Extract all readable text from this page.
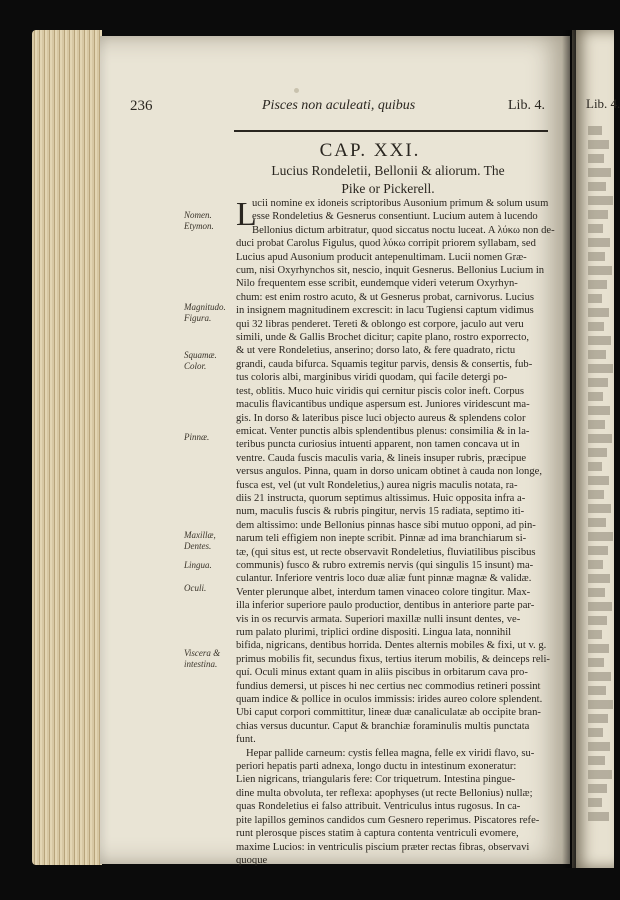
Lib. 4.
236	Pisces non aculeati, quibus	Lib. 4.
CAP. XXI.
Lucius Rondeletii, Bellonii & aliorum. The
Pike or Pickerell.
L
Nomen. Etymon.
Magnitudo. Figura.
Squamæ. Color.
Pinnæ.
Maxillæ, Dentes.
Lingua.
Oculi.
Viscera & intestina.
ucii nomine ex idoneis scriptoribus Ausonium primum & solum usum
esse Rondeletius & Gesnerus consentiunt. Lucium autem à lucendo
Bellonius dictum arbitratur, quod siccatus noctu luceat. A λύκω non de-
duci probat Carolus Figulus, quod λύκω corripit priorem syllabam, sed
Lucius apud Ausonium producit antepenultimam. Lucii nomen Græ-
cum, nisi Oxyrhynchos sit, nescio, inquit Gesnerus. Bellonius Lucium in
Nilo frequentem esse scribit, eundemque videri veterum Oxyrhyn-
chum: est enim rostro acuto, & ut Gesnerus probat, carnivorus. Lucius
in insignem magnitudinem excrescit: in lacu Tugiensi captum vidimus
qui 32 libras penderet. Tereti & oblongo est corpore, jaculo aut veru
simili, unde & Gallis Brochet dicitur; capite plano, rostro exporrecto,
& ut vere Rondeletius, anserino; dorso lato, & fere quadrato, rictu
grandi, cauda bifurca. Squamis tegitur parvis, densis & consertis, fub-
tus coloris albi, marginibus viridi quodam, qui facile detergi po-
test, oblitis. Muco huic viridis qui cernitur piscis color ineft. Corpus
maculis flavicantibus undique aspersum est. Juniores viridescunt ma-
gis. In dorso & lateribus pisce luci objecto aureus & splendens color
emicat. Venter punctis albis splendentibus plenus: consimilia & in la-
teribus puncta curiosius intuenti apparent, non tamen concava ut in
ventre. Cauda fuscis maculis varia, & lineis insuper rubris, præcipue
versus angulos. Pinna, quam in dorso unicam obtinet à cauda non longe,
fusca est, vel (ut vult Rondeletius,) aurea nigris maculis notata, ra-
diis 21 instructa, quorum septimus altissimus. Huic opposita infra a-
num, maculis fuscis & rubris pingitur, nervis 15 radiata, septimo iti-
dem altissimo: unde Bellonius pinnas hasce sibi mutuo opponi, ad pin-
narum teli effigiem non inepte scribit. Pinnæ ad ima branchiarum si-
tæ, (qui situs est, ut recte observavit Rondeletius, fluviatilibus piscibus
communis) fusco & rubro extremis nervis (qui singulis 15 insunt) ma-
culantur. Inferiore ventris loco duæ aliæ funt pinnæ magnæ & validæ.
Venter plerunque albet, interdum tamen vinaceo colore tingitur. Max-
illa inferior superiore paulo productior, dentibus in anteriore parte par-
vis in os recurvis armata. Superiori maxillæ nulli insunt dentes, ve-
rum palato plurimi, triplici ordine dispositi. Lingua lata, nonnihil
bifida, nigricans, dentibus horrida. Dentes alternis mobiles & fixi, ut v. g.
primus mobilis fit, secundus fixus, tertius iterum mobilis, & deinceps reli-
quí. Oculi minus extant quam in aliis piscibus in orbitarum cava pro-
fundius demersi, ut pisces hi nec certius nec commodius retineri possint
quam indice & pollice in oculos immissis: irides aureo colore splendent.
Ubi caput corpori committitur, lineæ duæ canaliculatæ ab occipite bran-
chias versus ducuntur. Caput & branchiæ foraminulis multis punctata
funt.
Hepar pallide carneum: cystis fellea magna, felle ex viridi flavo, su-
periori hepatis parti adnexa, longo ductu in intestinum exoneratur:
Lien nigricans, triangularis fere: Cor triquetrum. Intestina pingue-
dine multa obvoluta, ter reflexa: apophyses (ut recte Bellonius) nullæ;
quas Rondeletius ei falso attribuit. Ventriculus intus rugosus. In ca-
pite lapillos geminos candidos cum Gesnero reperimus. Piscatores refe-
runt plerosque pisces statim à captura contenta ventriculi evomere,
maxime Lucios: in ventriculis piscium præter rectas fibras, observavi
quoque
